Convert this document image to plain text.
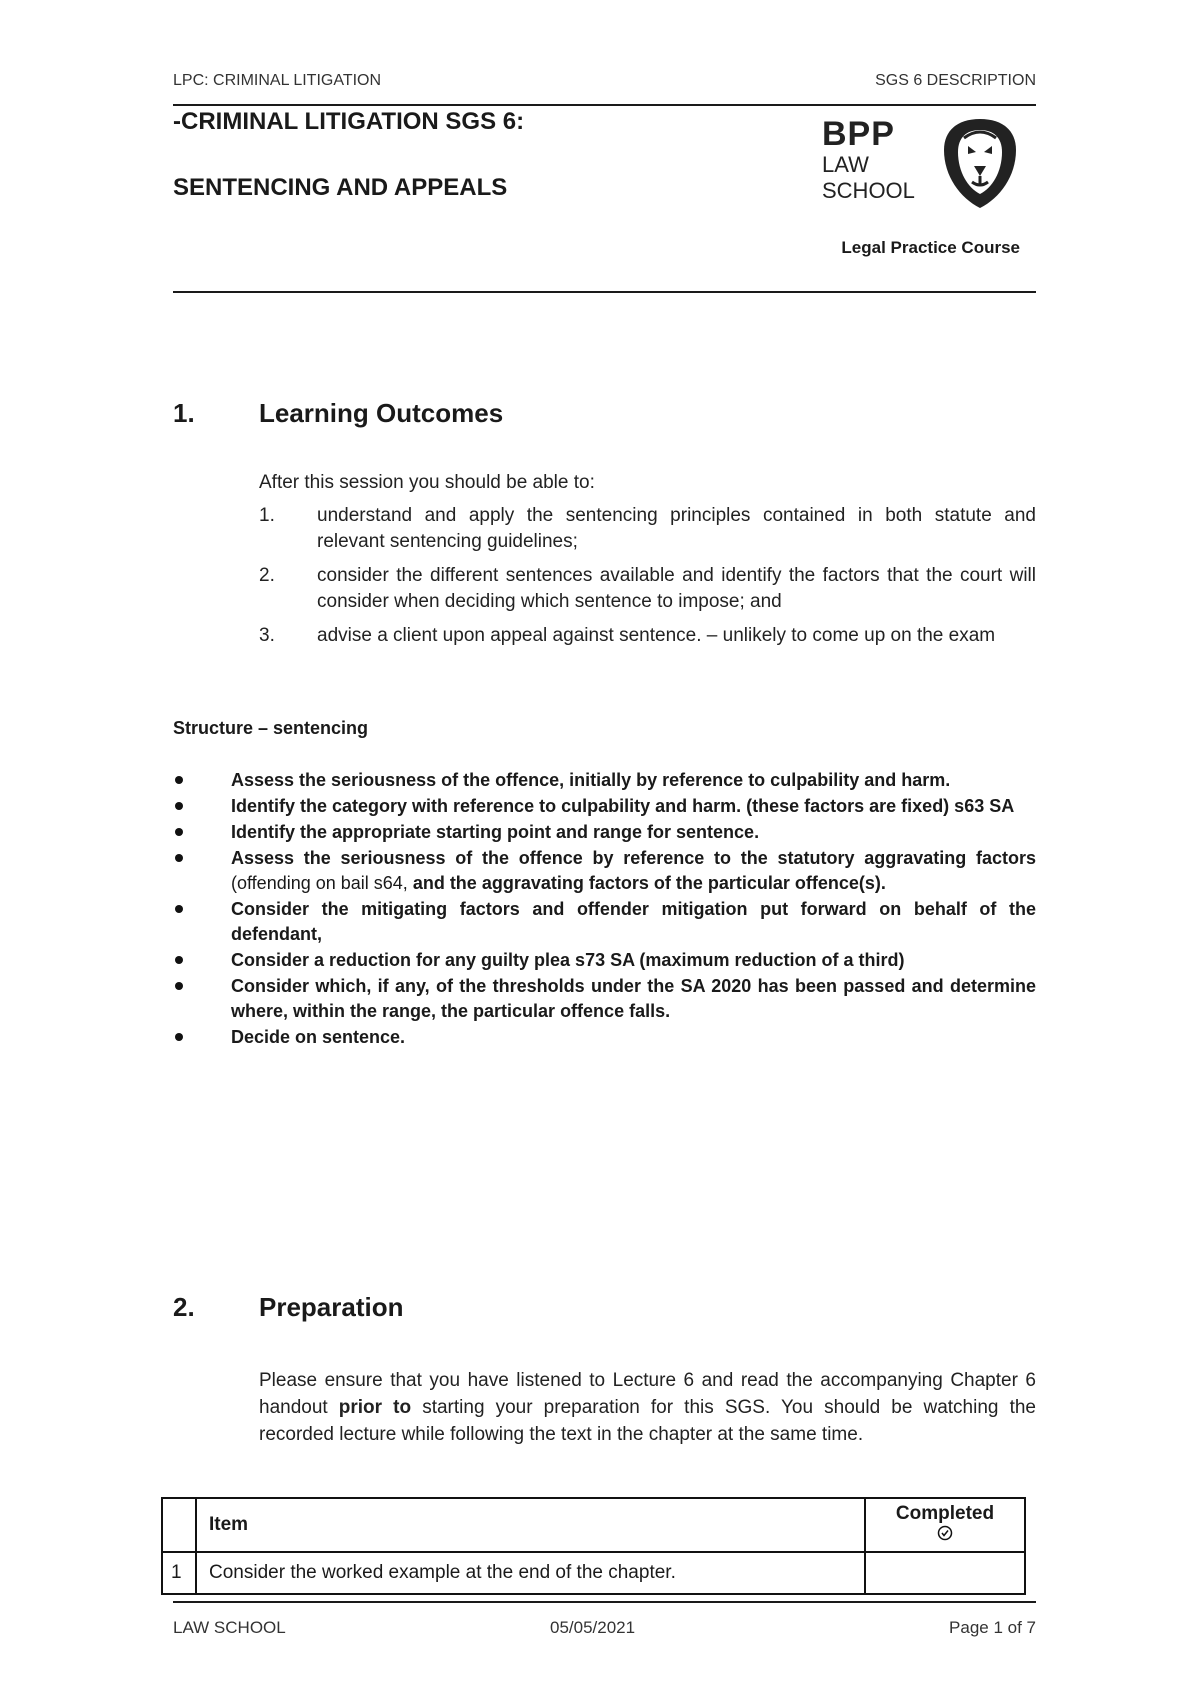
LPC: CRIMINAL LITIGATION	SGS 6 DESCRIPTION
-CRIMINAL LITIGATION SGS 6:
SENTENCING AND APPEALS
BPP
LAW
SCHOOL
Legal Practice Course
1. Learning Outcomes
After this session you should be able to:
1.	understand and apply the sentencing principles contained in both statute and relevant sentencing guidelines;
2.	consider the different sentences available and identify the factors that the court will consider when deciding which sentence to impose; and
3.	advise a client upon appeal against sentence. – unlikely to come up on the exam
Structure – sentencing
Assess the seriousness of the offence, initially by reference to culpability and harm.
Identify the category with reference to culpability and harm. (these factors are fixed) s63 SA
Identify the appropriate starting point and range for sentence.
Assess the seriousness of the offence by reference to the statutory aggravating factors (offending on bail s64, and the aggravating factors of the particular offence(s).
Consider the mitigating factors and offender mitigation put forward on behalf of the defendant,
Consider a reduction for any guilty plea s73 SA (maximum reduction of a third)
Consider which, if any, of the thresholds under the SA 2020 has been passed and determine where, within the range, the particular offence falls.
Decide on sentence.
2. Preparation

Please ensure that you have listened to Lecture 6 and read the accompanying Chapter 6 handout prior to starting your preparation for this SGS. You should be watching the recorded lecture while following the text in the chapter at the same time.

	Item	Completed

1	Consider the worked example at the end of the chapter.	
LAW SCHOOL	05/05/2021	Page 1 of 7
